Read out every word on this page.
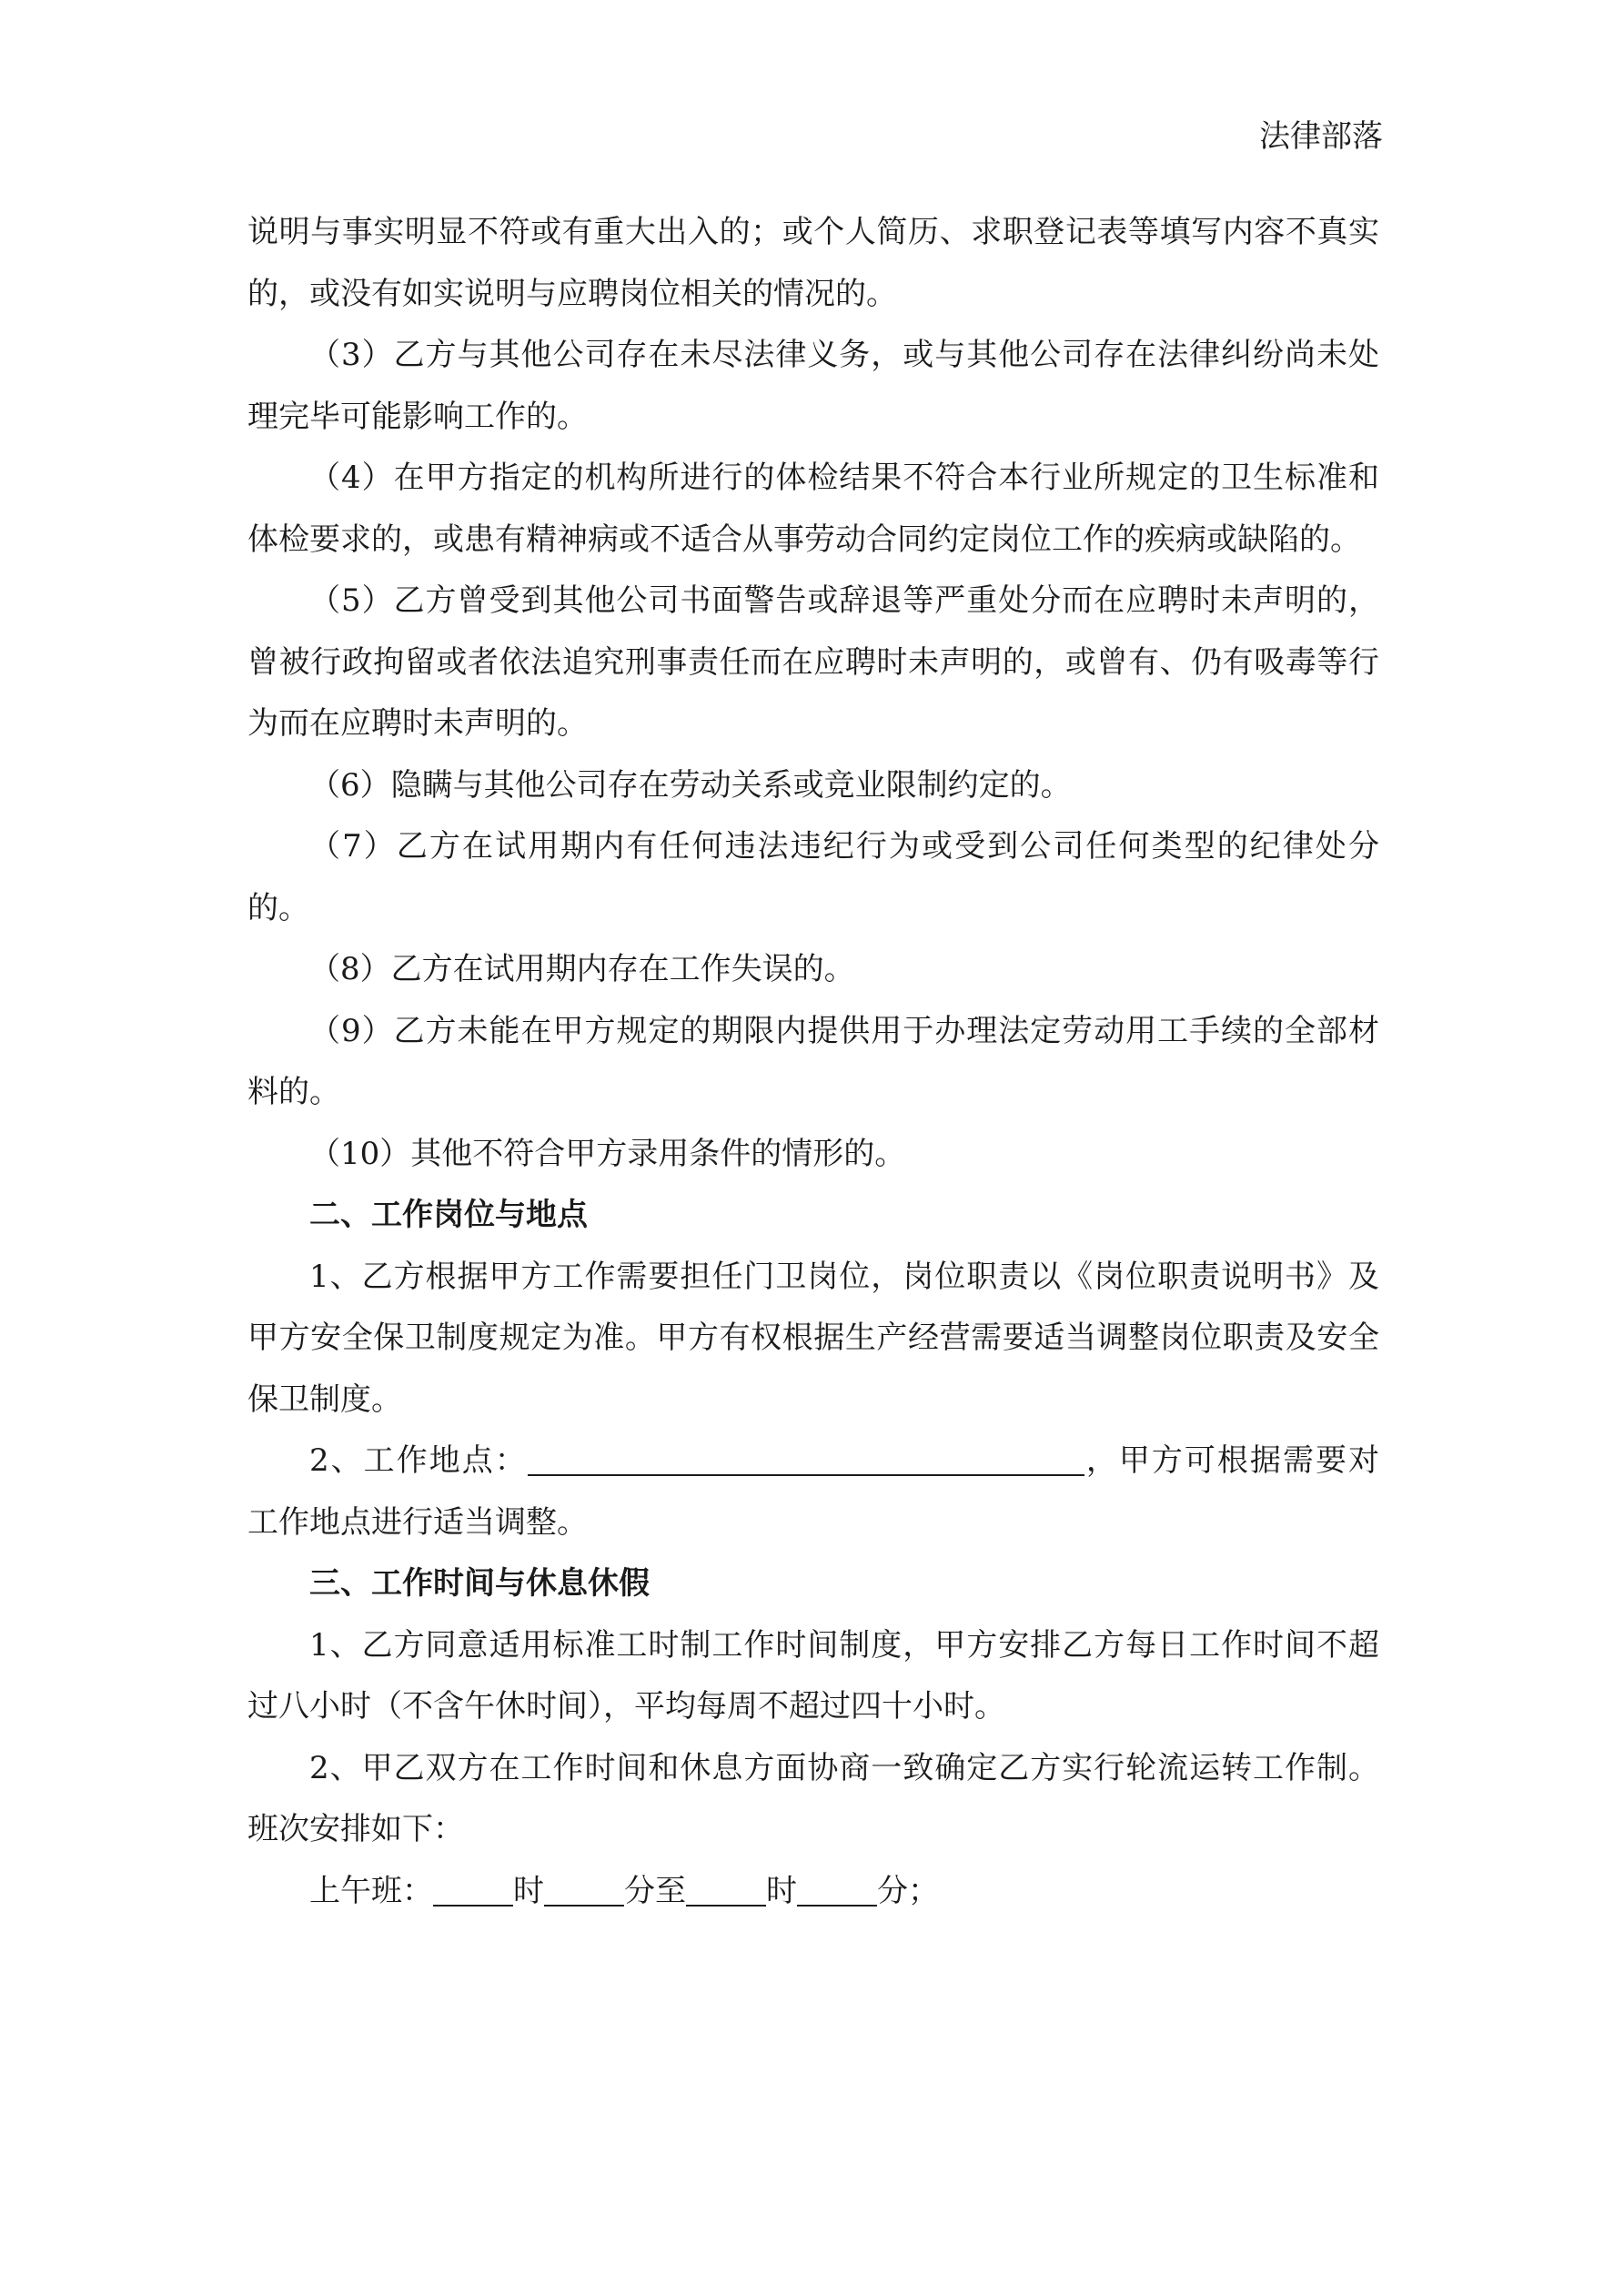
法律部落

说明与事实明显不符或有重大出入的；或个人简历、求职登记表等填写内容不真实的，或没有如实说明与应聘岗位相关的情况的。

（3）乙方与其他公司存在未尽法律义务，或与其他公司存在法律纠纷尚未处理完毕可能影响工作的。

（4）在甲方指定的机构所进行的体检结果不符合本行业所规定的卫生标准和体检要求的，或患有精神病或不适合从事劳动合同约定岗位工作的疾病或缺陷的。

（5）乙方曾受到其他公司书面警告或辞退等严重处分而在应聘时未声明的，曾被行政拘留或者依法追究刑事责任而在应聘时未声明的，或曾有、仍有吸毒等行为而在应聘时未声明的。

（6）隐瞒与其他公司存在劳动关系或竞业限制约定的。

（7）乙方在试用期内有任何违法违纪行为或受到公司任何类型的纪律处分的。

（8）乙方在试用期内存在工作失误的。

（9）乙方未能在甲方规定的期限内提供用于办理法定劳动用工手续的全部材料的。

（10）其他不符合甲方录用条件的情形的。

二、工作岗位与地点

1、乙方根据甲方工作需要担任门卫岗位，岗位职责以《岗位职责说明书》及甲方安全保卫制度规定为准。甲方有权根据生产经营需要适当调整岗位职责及安全保卫制度。

2、工作地点：	，甲方可根据需要对工作地点进行适当调整。

三、工作时间与休息休假

1、乙方同意适用标准工时制工作时间制度，甲方安排乙方每日工作时间不超过八小时（不含午休时间），平均每周不超过四十小时。

2、甲乙双方在工作时间和休息方面协商一致确定乙方实行轮流运转工作制。班次安排如下：

上午班：	时	分至	时	分；
